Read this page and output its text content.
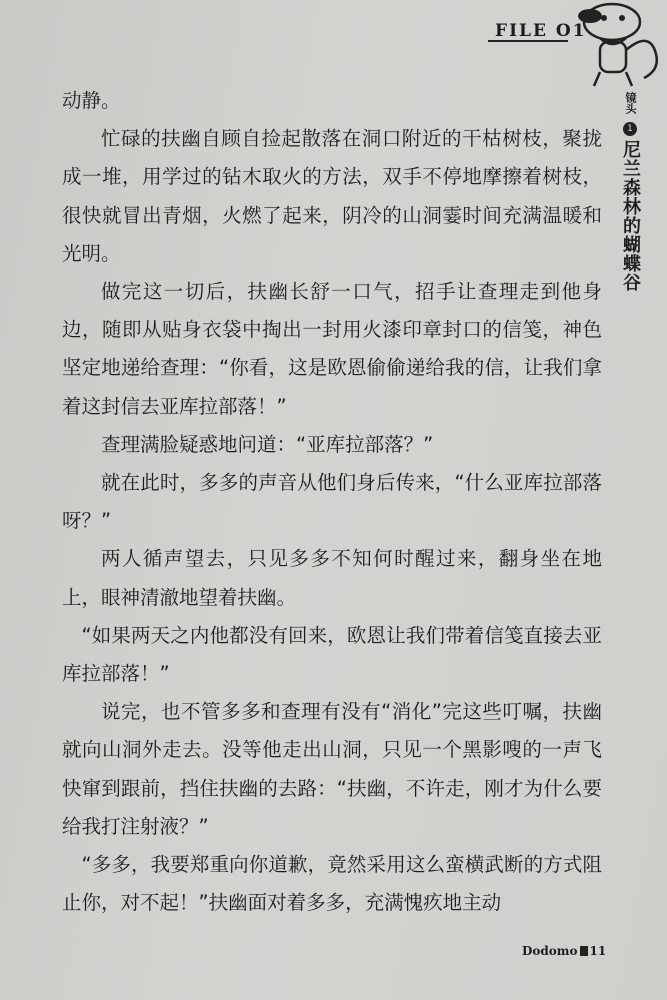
FILE O1
镜头
1
尼兰森林的蝴蝶谷

动静。

忙碌的扶幽自顾自捡起散落在洞口附近的干枯树枝，聚拢成一堆，用学过的钻木取火的方法，双手不停地摩擦着树枝，很快就冒出青烟，火燃了起来，阴冷的山洞霎时间充满温暖和光明。

做完这一切后，扶幽长舒一口气，招手让查理走到他身边，随即从贴身衣袋中掏出一封用火漆印章封口的信笺，神色坚定地递给查理：“你看，这是欧恩偷偷递给我的信，让我们拿着这封信去亚库拉部落！”

查理满脸疑惑地问道：“亚库拉部落？”

就在此时，多多的声音从他们身后传来，“什么亚库拉部落呀？”

两人循声望去，只见多多不知何时醒过来，翻身坐在地上，眼神清澈地望着扶幽。

“如果两天之内他都没有回来，欧恩让我们带着信笺直接去亚库拉部落！”

说完，也不管多多和查理有没有“消化”完这些叮嘱，扶幽就向山洞外走去。没等他走出山洞，只见一个黑影嗖的一声飞快窜到跟前，挡住扶幽的去路：“扶幽，不许走，刚才为什么要给我打注射液？”

“多多，我要郑重向你道歉，竟然采用这么蛮横武断的方式阻止你，对不起！”扶幽面对着多多，充满愧疚地主动

Dodomo 11
